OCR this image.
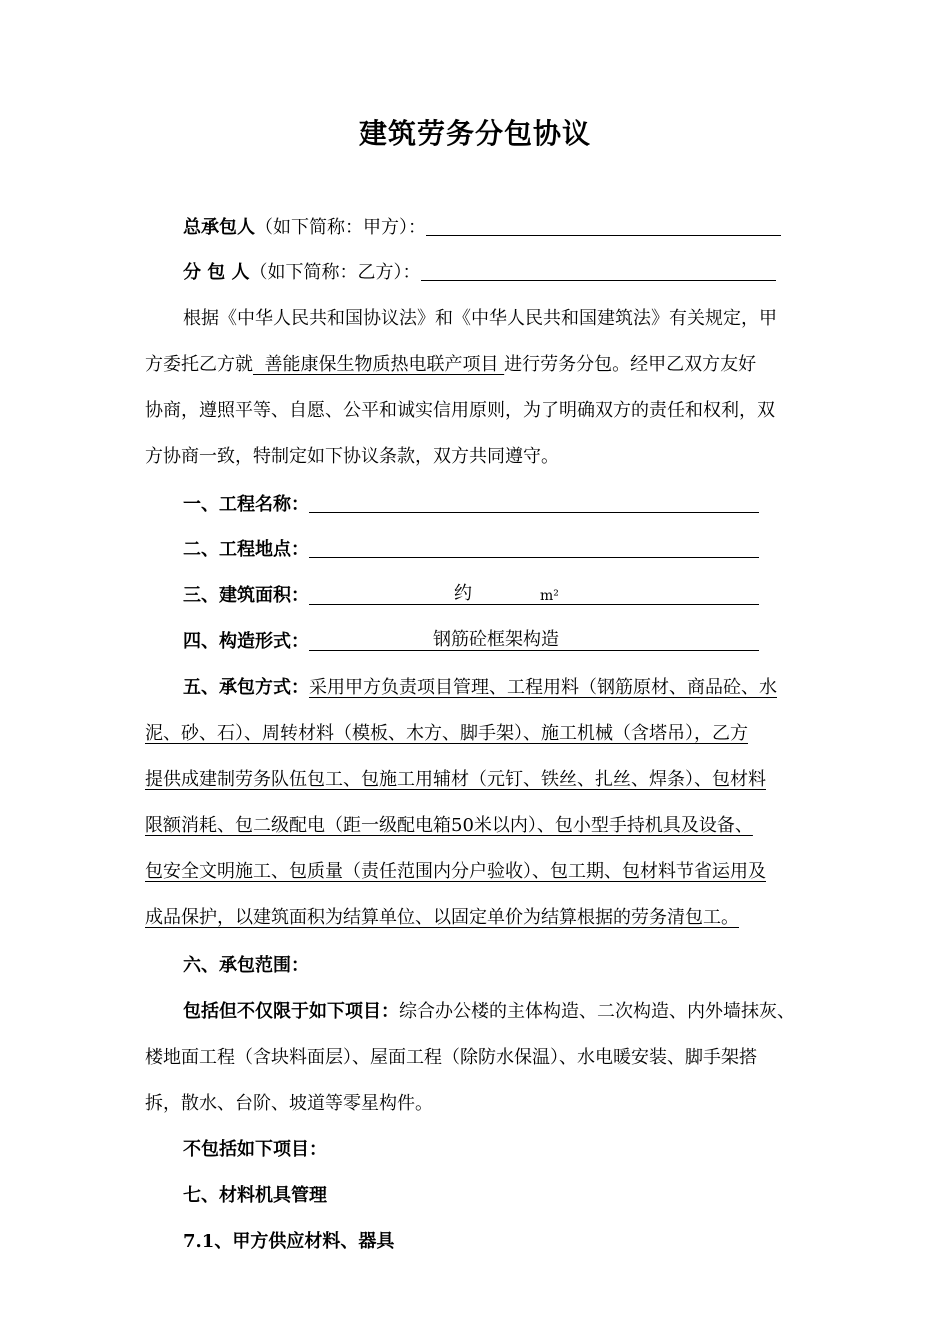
建筑劳务分包协议
总承包人（如下简称：甲方）：
分 包 人（如下简称：乙方）：
根据《中华人民共和国协议法》和《中华人民共和国建筑法》有关规定，甲
方委托乙方就  善能康保生物质热电联产项目 进行劳务分包。经甲乙双方友好
协商，遵照平等、自愿、公平和诚实信用原则，为了明确双方的责任和权利，双
方协商一致，特制定如下协议条款，双方共同遵守。
一、工程名称：
二、工程地点：
三、建筑面积：	约	m²
四、构造形式：	钢筋砼框架构造
五、承包方式：采用甲方负责项目管理、工程用料（钢筋原材、商品砼、水
泥、砂、石）、周转材料（模板、木方、脚手架）、施工机械（含塔吊），乙方
提供成建制劳务队伍包工、包施工用辅材（元钉、铁丝、扎丝、焊条）、包材料
限额消耗、包二级配电（距一级配电箱50米以内）、包小型手持机具及设备、
包安全文明施工、包质量（责任范围内分户验收）、包工期、包材料节省运用及
成品保护，以建筑面积为结算单位、以固定单价为结算根据的劳务清包工。
六、承包范围：
包括但不仅限于如下项目：综合办公楼的主体构造、二次构造、内外墙抹灰、
楼地面工程（含块料面层）、屋面工程（除防水保温）、水电暖安装、脚手架搭
拆，散水、台阶、坡道等零星构件。
不包括如下项目：
七、材料机具管理
7.1、甲方供应材料、器具
